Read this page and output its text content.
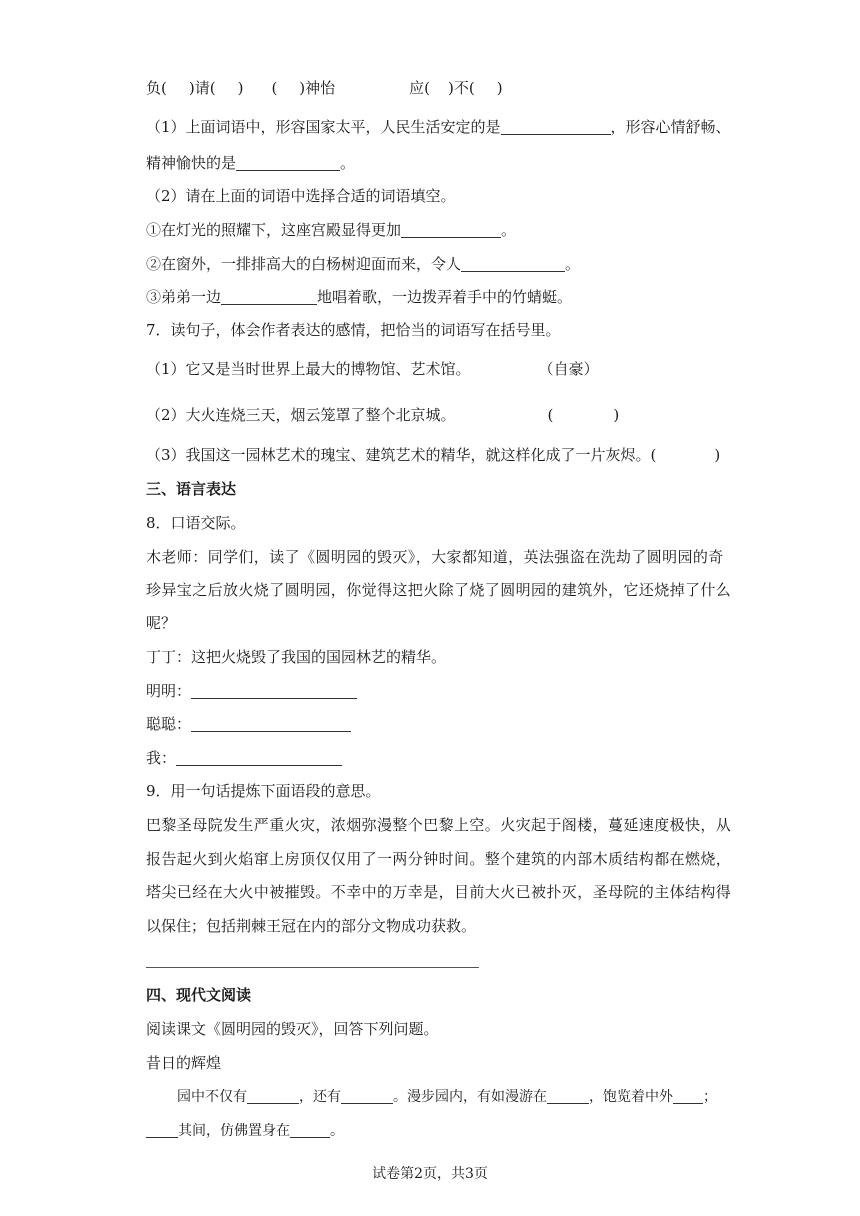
负( )请( ) ( )神怡	应( )不( )
（1）上面词语中，形容国家太平，人民生活安定的是	，形容心情舒畅、
精神愉快的是	。
（2）请在上面的词语中选择合适的词语填空。
①在灯光的照耀下，这座宫殿显得更加	。
②在窗外，一排排高大的白杨树迎面而来，令人	。
③弟弟一边	地唱着歌，一边拨弄着手中的竹蜻蜓。
7．读句子，体会作者表达的感情，把恰当的词语写在括号里。
（1）它又是当时世界上最大的博物馆、艺术馆。	（自豪）
（2）大火连烧三天，烟云笼罩了整个北京城。	(	)
（3）我国这一园林艺术的瑰宝、建筑艺术的精华，就这样化成了一片灰烬。(	)
三、语言表达
8．口语交际。
木老师：同学们，读了《圆明园的毁灭》，大家都知道，英法强盗在洗劫了圆明园的奇
珍异宝之后放火烧了圆明园，你觉得这把火除了烧了圆明园的建筑外，它还烧掉了什么
呢？
丁丁：这把火烧毁了我国的国园林艺的精华。
明明：
聪聪：
我：
9．用一句话提炼下面语段的意思。
巴黎圣母院发生严重火灾，浓烟弥漫整个巴黎上空。火灾起于阁楼，蔓延速度极快，从
报告起火到火焰窜上房顶仅仅用了一两分钟时间。整个建筑的内部木质结构都在燃烧，
塔尖已经在大火中被摧毁。不幸中的万幸是，目前大火已被扑灭，圣母院的主体结构得
以保住；包括荆棘王冠在内的部分文物成功获救。
四、现代文阅读
阅读课文《圆明园的毁灭》，回答下列问题。
昔日的辉煌
园中不仅有	，还有	。漫步园内，有如漫游在	，饱览着中外 ；
其间，仿佛置身在	。
试卷第2页，共3页
